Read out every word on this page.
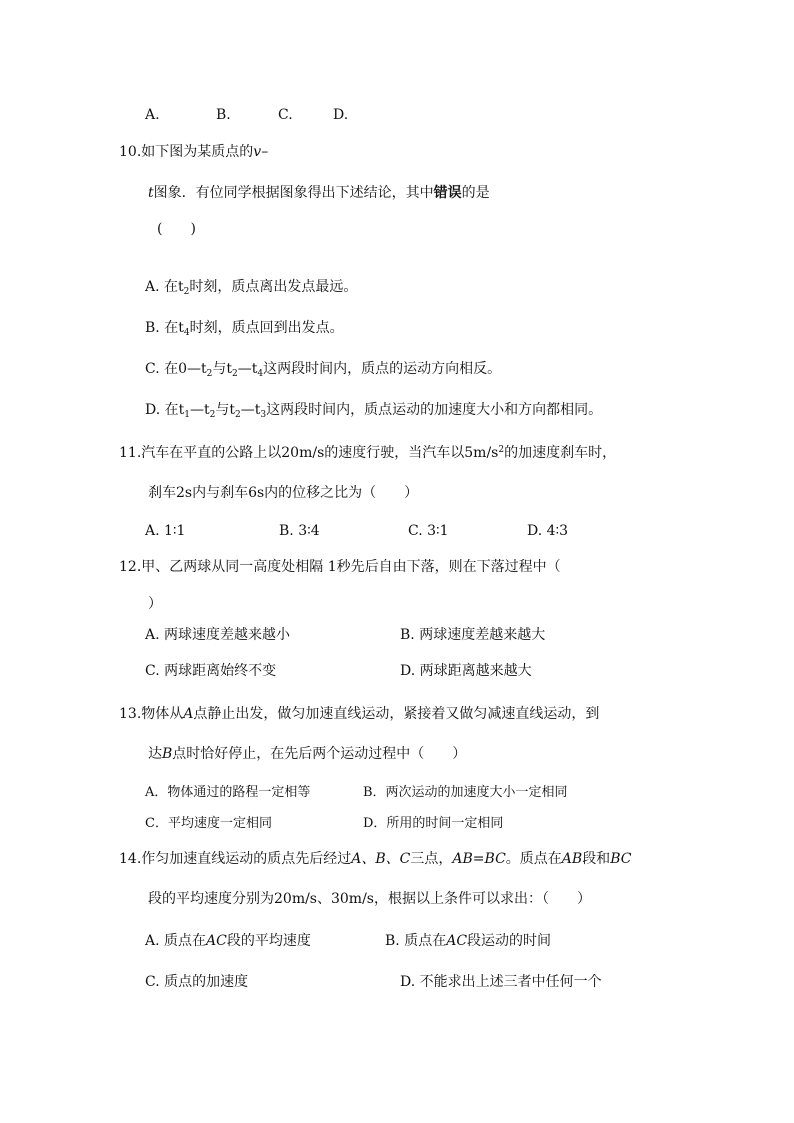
A.	B.	C.	D.
10.如下图为某质点的v–
t图象．有位同学根据图象得出下述结论，其中错误的是
(　　)
A. 在$t_2$时刻，质点离出发点最远。
B. 在$t_4$时刻，质点回到出发点。
C. 在$0—t_2$与$t_2—t_4$这两段时间内，质点的运动方向相反。
D. 在$t_1—t_2$与$t_2—t_3$这两段时间内，质点运动的加速度大小和方向都相同。
11.汽车在平直的公路上以20m/s的速度行驶，当汽车以$5m/s^2$的加速度刹车时，
刹车2s内与刹车6s内的位移之比为（　　）
A. 1∶1	B. 3∶4	C. 3∶1	D. 4∶3
12.甲、乙两球从同一高度处相隔 1秒先后自由下落，则在下落过程中（
）
A. 两球速度差越来越小	B. 两球速度差越来越大
C. 两球距离始终不变	D. 两球距离越来越大
13.物体从A点静止出发，做匀加速直线运动，紧接着又做匀减速直线运动，到
达B点时恰好停止，在先后两个运动过程中（　　）
A．物体通过的路程一定相等	B．两次运动的加速度大小一定相同
C．平均速度一定相同	D．所用的时间一定相同
14.作匀加速直线运动的质点先后经过A、B、C三点，AB=BC。质点在AB段和BC
段的平均速度分别为20m/s、30m/s，根据以上条件可以求出：（　　）
A. 质点在AC段的平均速度	B. 质点在AC段运动的时间
C. 质点的加速度	D. 不能求出上述三者中任何一个
